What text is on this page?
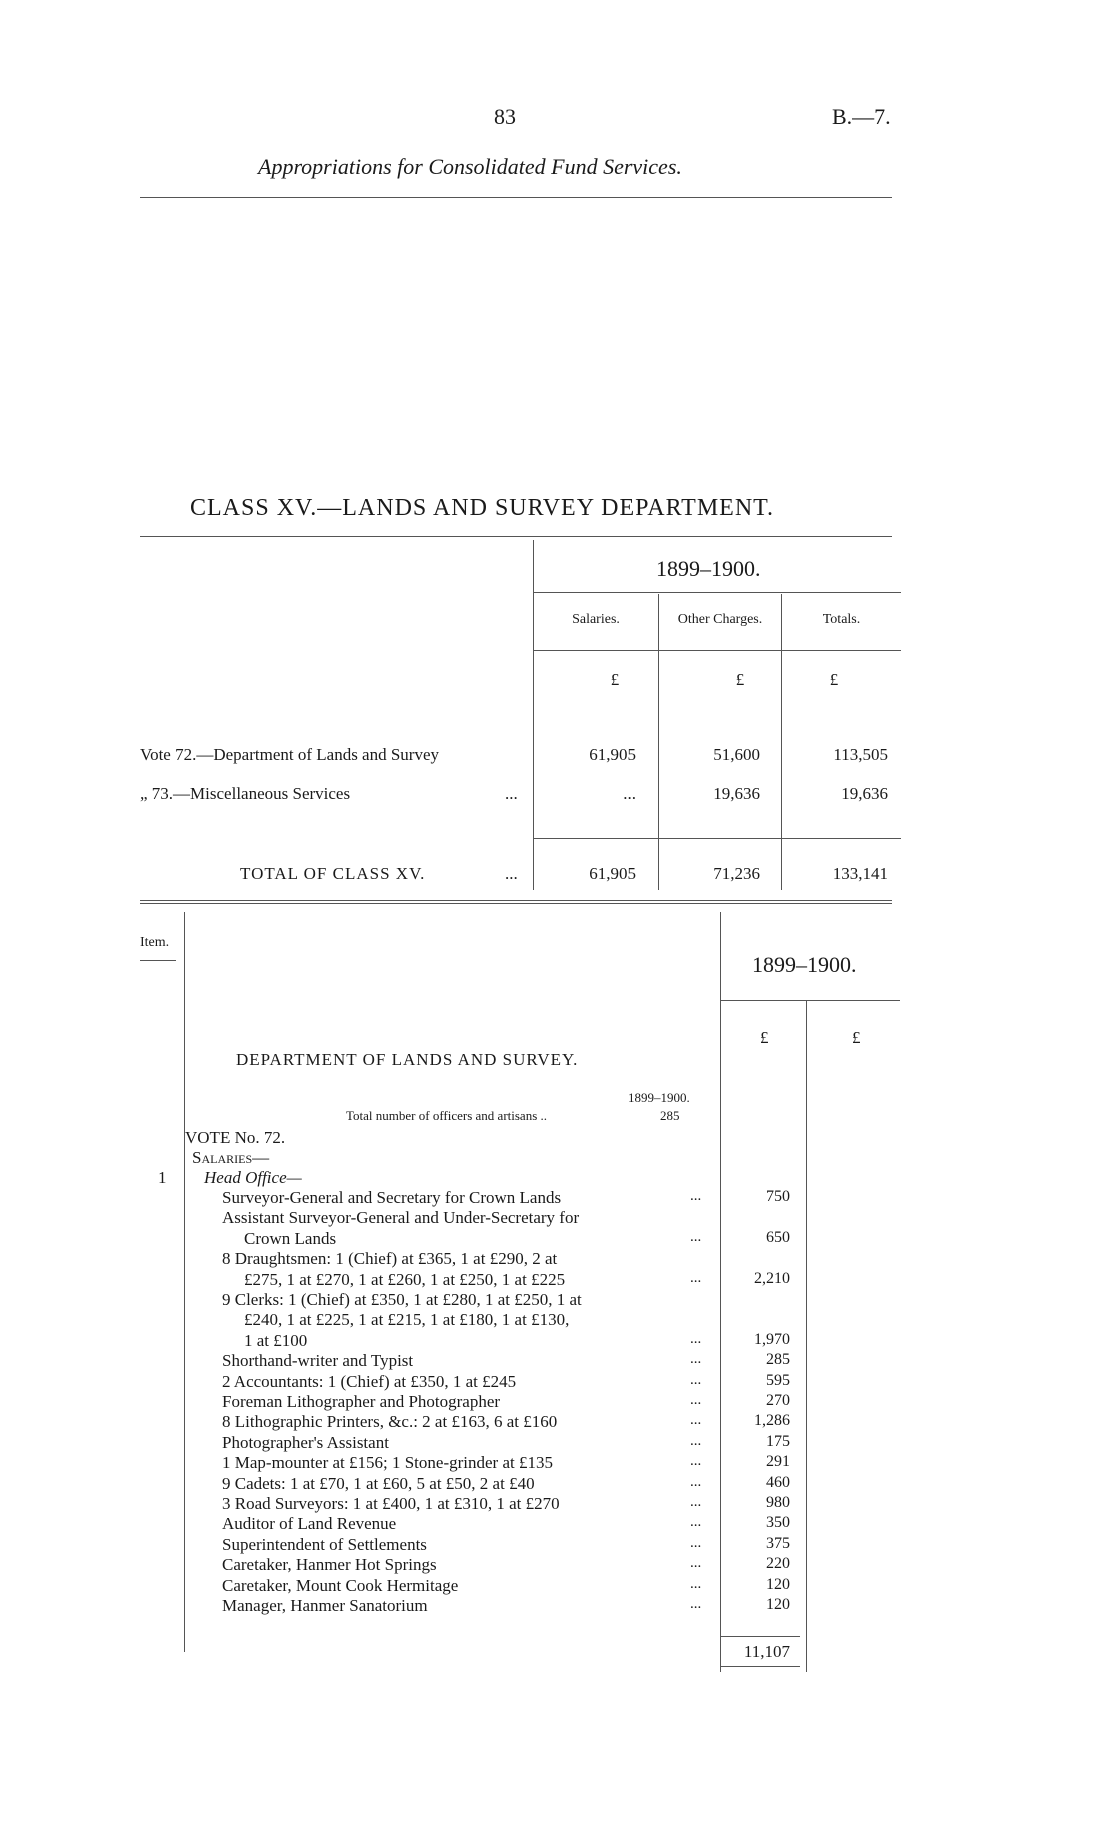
83	B.—7.
Appropriations for Consolidated Fund Services.
CLASS XV.—LANDS AND SURVEY DEPARTMENT.
1899–1900.
Salaries.	Other Charges.	Totals.
£	£	£
Vote 72.—Department of Lands and Survey	61,905	51,600	113,505
„ 73.—Miscellaneous Services	...	...	19,636	19,636
TOTAL OF CLASS XV.	...	61,905	71,236	133,141
Item.
1899–1900.
£	£
DEPARTMENT OF LANDS AND SURVEY.
1899–1900.
Total number of officers and artisans ..	285
VOTE No. 72.
Salaries—
1 Head Office—
Surveyor-General and Secretary for Crown Lands	...	750
Assistant Surveyor-General and Under-Secretary for
Crown Lands	...	650
8 Draughtsmen: 1 (Chief) at £365, 1 at £290, 2 at
£275, 1 at £270, 1 at £260, 1 at £250, 1 at £225	...	2,210
9 Clerks: 1 (Chief) at £350, 1 at £280, 1 at £250, 1 at
£240, 1 at £225, 1 at £215, 1 at £180, 1 at £130,
1 at £100	...	1,970
Shorthand-writer and Typist	...	285
2 Accountants: 1 (Chief) at £350, 1 at £245	...	595
Foreman Lithographer and Photographer	...	270
8 Lithographic Printers, &c.: 2 at £163, 6 at £160	...	1,286
Photographer's Assistant	...	175
1 Map-mounter at £156; 1 Stone-grinder at £135	...	291
9 Cadets: 1 at £70, 1 at £60, 5 at £50, 2 at £40	...	460
3 Road Surveyors: 1 at £400, 1 at £310, 1 at £270	...	980
Auditor of Land Revenue	...	350
Superintendent of Settlements	...	375
Caretaker, Hanmer Hot Springs	...	220
Caretaker, Mount Cook Hermitage	...	120
Manager, Hanmer Sanatorium	...	120
11,107
